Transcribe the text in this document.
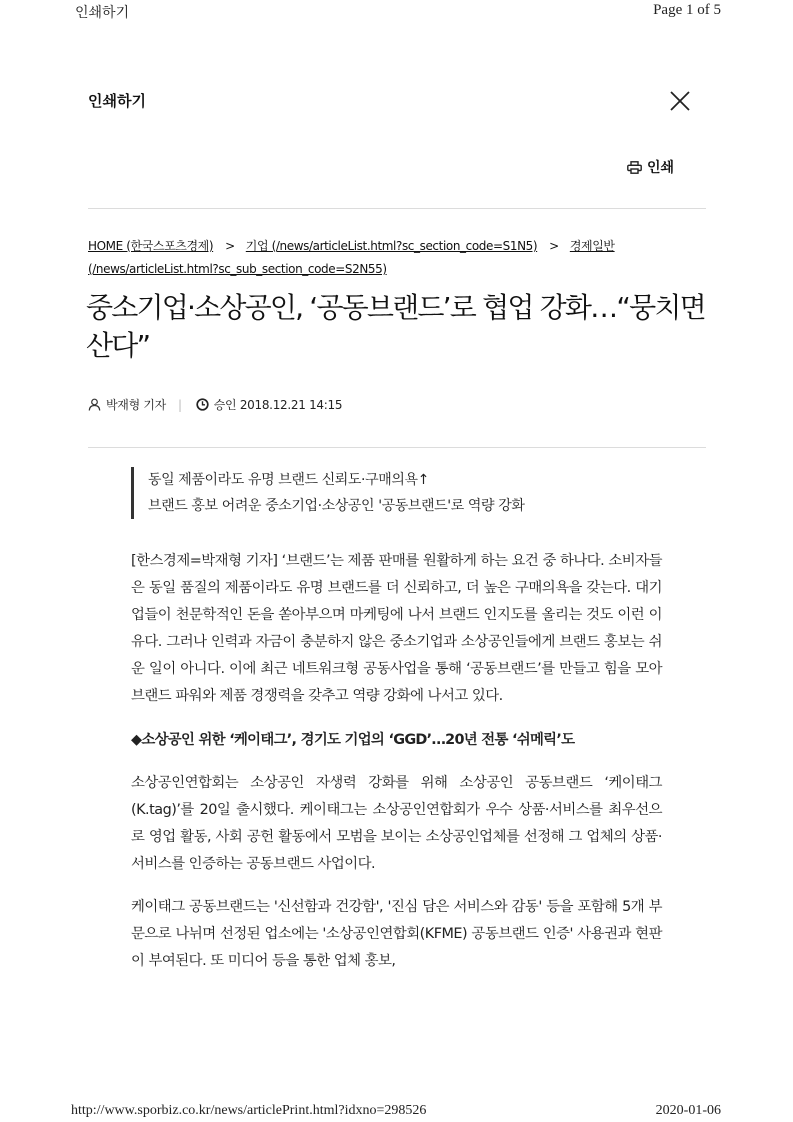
인쇄하기	Page 1 of 5
인쇄하기
인쇄
HOME (한국스포츠경제) > 기업 (/news/articleList.html?sc_section_code=S1N5) > 경제일반 (/news/articleList.html?sc_sub_section_code=S2N55)
중소기업·소상공인, ‘공동브랜드’로 협업 강화…“뭉치면 산다”
박재형 기자 |	승인
2018.12.21 14:15
동일 제품이라도 유명 브랜드 신뢰도·구매의욕↑
브랜드 홍보 어려운 중소기업·소상공인 '공동브랜드'로 역량 강화

[한스경제=박재형 기자] ‘브랜드’는 제품 판매를 원활하게 하는 요건 중 하나다. 소비자들은 동일 품질의 제품이라도 유명 브랜드를 더 신뢰하고, 더 높은 구매의욕을 갖는다. 대기업들이 천문학적인 돈을 쏟아부으며 마케팅에 나서 브랜드 인지도를 올리는 것도 이런 이유다. 그러나 인력과 자금이 충분하지 않은 중소기업과 소상공인들에게 브랜드 홍보는 쉬운 일이 아니다. 이에 최근 네트워크형 공동사업을 통해 ‘공동브랜드’를 만들고 힘을 모아 브랜드 파워와 제품 경쟁력을 갖추고 역량 강화에 나서고 있다.

◆소상공인 위한 ‘케이태그’, 경기도 기업의 ‘GGD’…20년 전통 ‘쉬메릭’도

소상공인연합회는 소상공인 자생력 강화를 위해 소상공인 공동브랜드 ‘케이태그(K.tag)’를 20일 출시했다. 케이태그는 소상공인연합회가 우수 상품·서비스를 최우선으로 영업 활동, 사회 공헌 활동에서 모범을 보이는 소상공인업체를 선정해 그 업체의 상품·서비스를 인증하는 공동브랜드 사업이다.

케이태그 공동브랜드는 '신선함과 건강함', '진심 담은 서비스와 감동' 등을 포함해 5개 부문으로 나뉘며 선정된 업소에는 '소상공인연합회(KFME) 공동브랜드 인증' 사용권과 현판이 부여된다. 또 미디어 등을 통한 업체 홍보,

http://www.sporbiz.co.kr/news/articlePrint.html?idxno=298526	2020-01-06
